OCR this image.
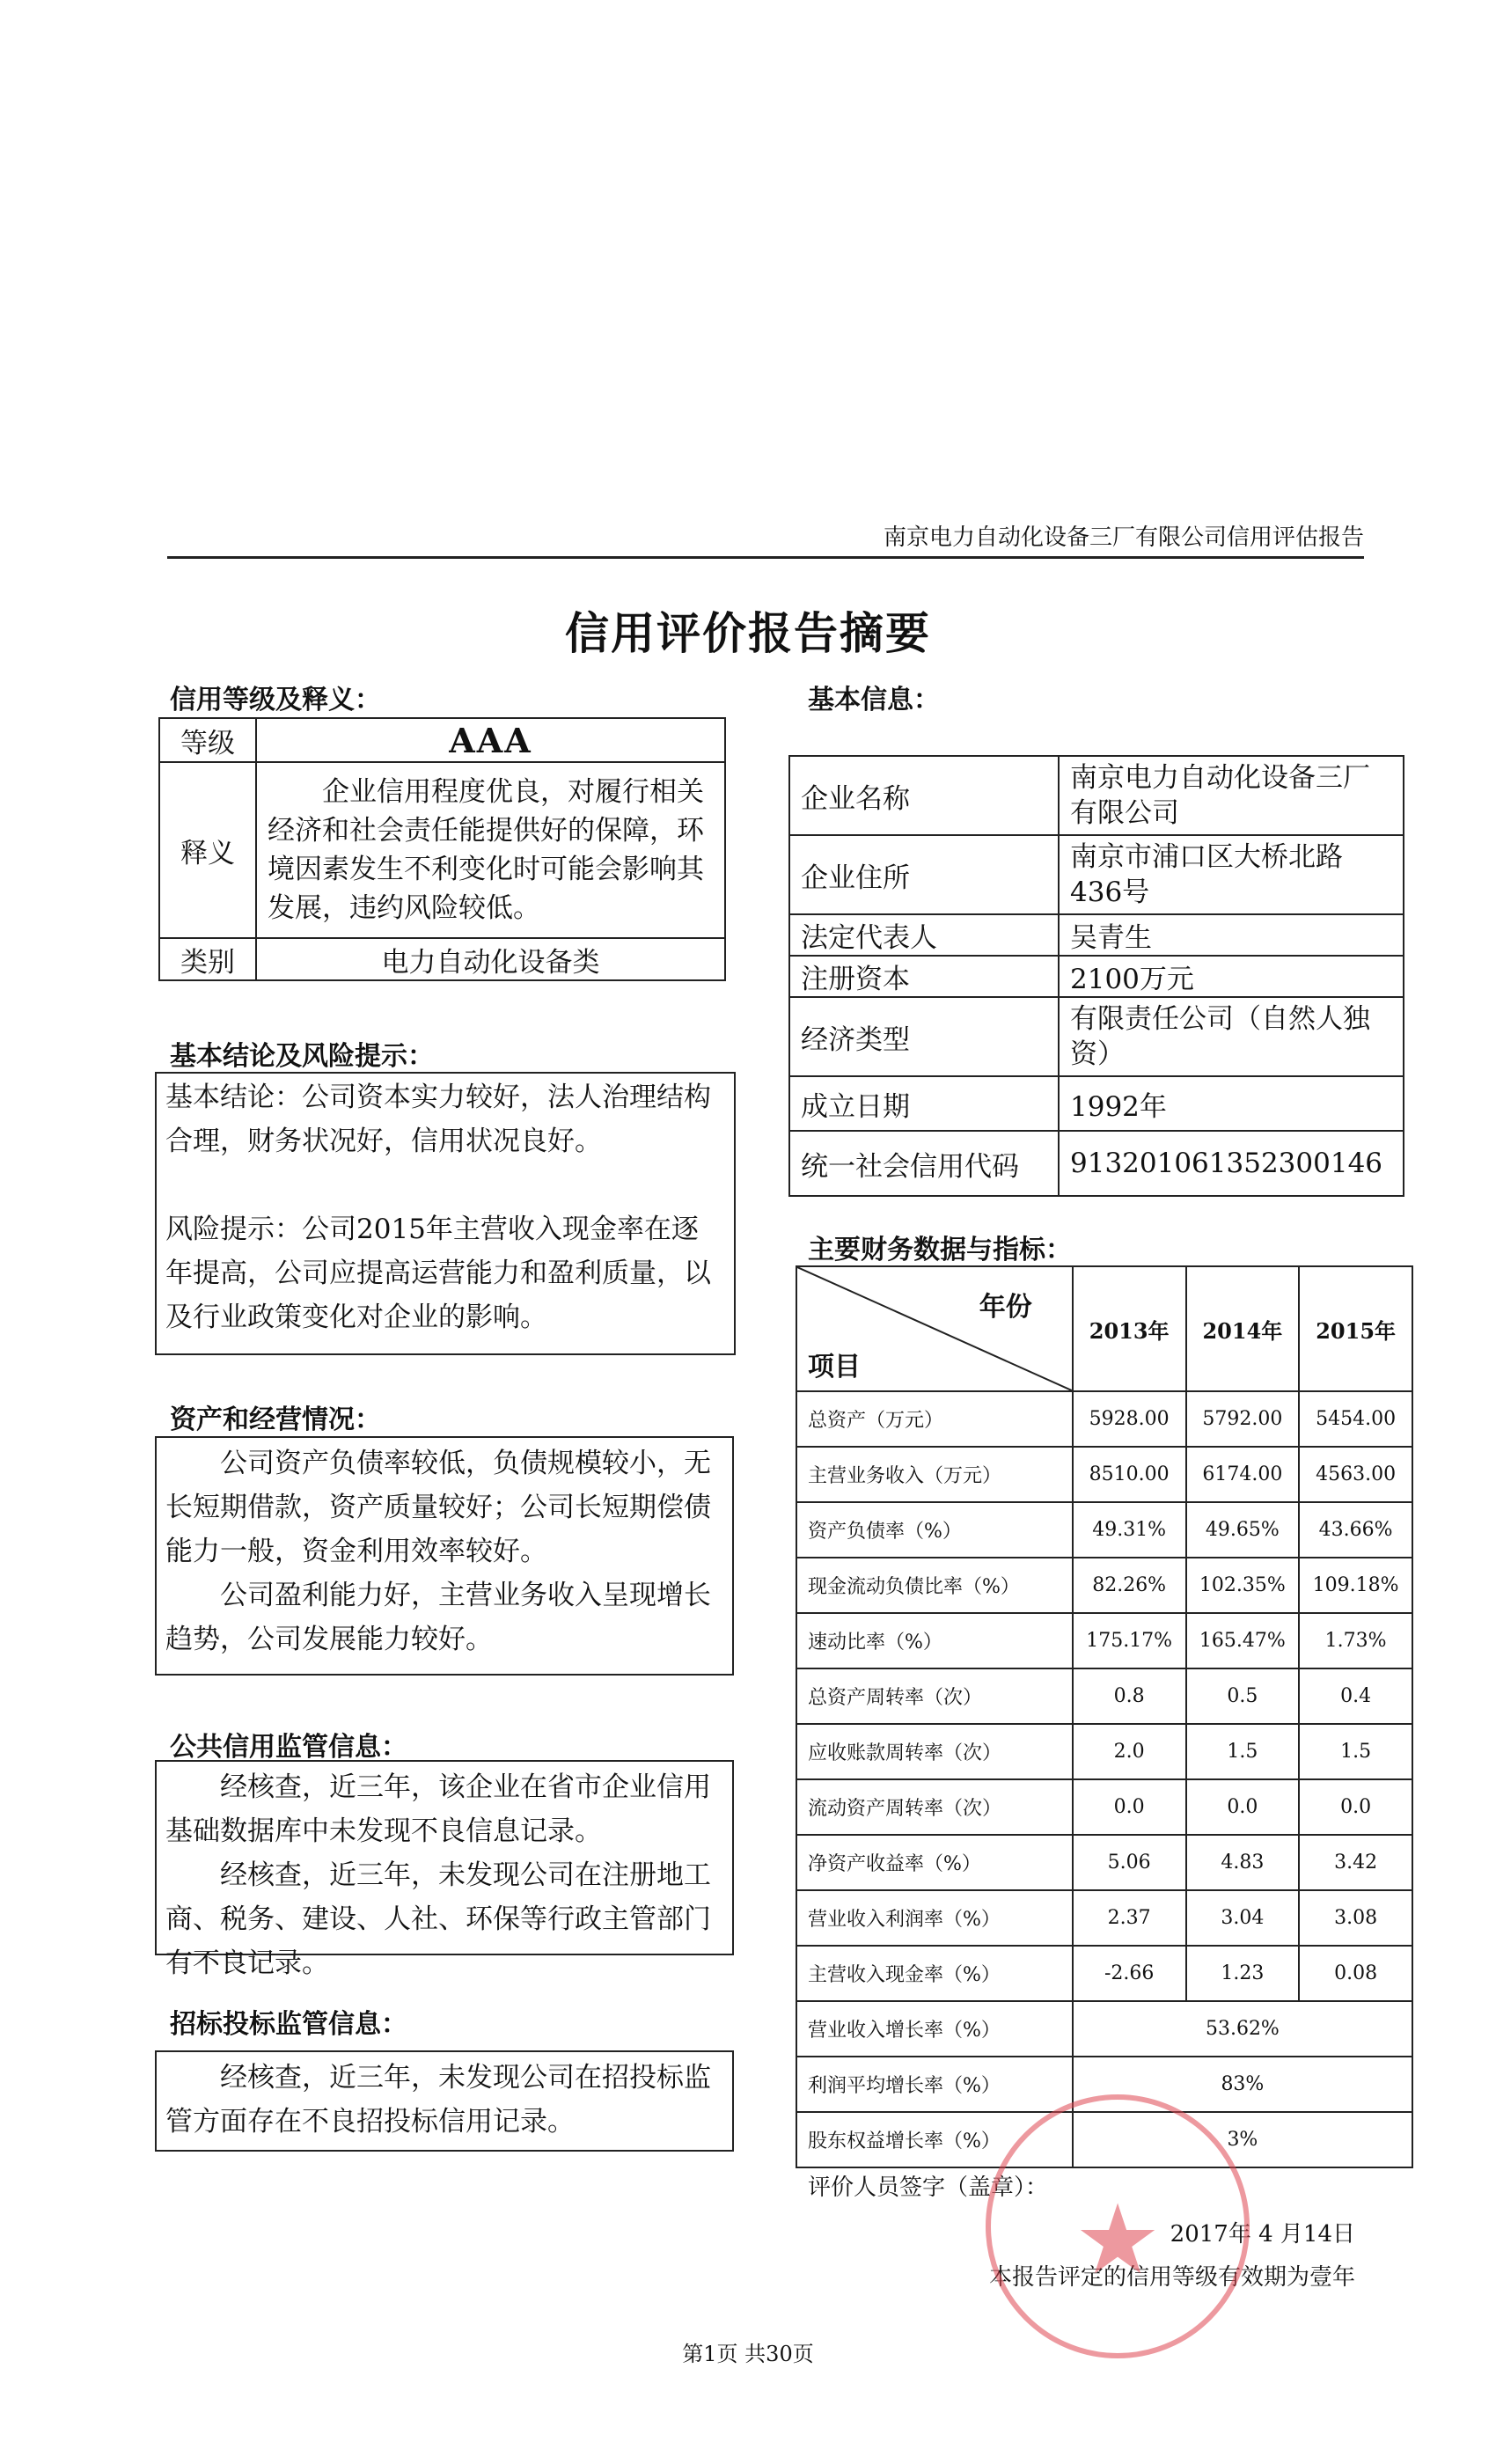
南京电力自动化设备三厂有限公司信用评估报告
信用评价报告摘要
信用等级及释义：
等级	AAA
释义	企业信用程度优良，对履行相关经济和社会责任能提供好的保障，环境因素发生不利变化时可能会影响其发展，违约风险较低。
类别	电力自动化设备类
基本结论及风险提示：
基本结论：公司资本实力较好，法人治理结构合理，财务状况好，信用状况良好。
风险提示：公司2015年主营收入现金率在逐年提高，公司应提高运营能力和盈利质量，以及行业政策变化对企业的影响。
资产和经营情况：
公司资产负债率较低，负债规模较小，无长短期借款，资产质量较好；公司长短期偿债能力一般，资金利用效率较好。
公司盈利能力好，主营业务收入呈现增长趋势，公司发展能力较好。
公共信用监管信息：
经核查，近三年，该企业在省市企业信用基础数据库中未发现不良信息记录。
经核查，近三年，未发现公司在注册地工商、税务、建设、人社、环保等行政主管部门有不良记录。
招标投标监管信息：
经核查，近三年，未发现公司在招投标监管方面存在不良招投标信用记录。
基本信息：
企业名称	南京电力自动化设备三厂有限公司
企业住所	南京市浦口区大桥北路436号
法定代表人	吴青生
注册资本	2100万元
经济类型	有限责任公司（自然人独资）
成立日期	1992年
统一社会信用代码	913201061352300146
主要财务数据与指标：
年份
项目	2013年	2014年	2015年
总资产（万元）	5928.00	5792.00	5454.00
主营业务收入（万元）	8510.00	6174.00	4563.00
资产负债率（%）	49.31%	49.65%	43.66%
现金流动负债比率（%）	82.26%	102.35%	109.18%
速动比率（%）	175.17%	165.47%	1.73%
总资产周转率（次）	0.8	0.5	0.4
应收账款周转率（次）	2.0	1.5	1.5
流动资产周转率（次）	0.0	0.0	0.0
净资产收益率（%）	5.06	4.83	3.42
营业收入利润率（%）	2.37	3.04	3.08
主营收入现金率（%）	-2.66	1.23	0.08
营业收入增长率（%）	53.62%		
利润平均增长率（%）	83%		
股东权益增长率（%）	3%		
评价人员签字（盖章）：
2017年 4 月14日
本报告评定的信用等级有效期为壹年
★
第1页 共30页
